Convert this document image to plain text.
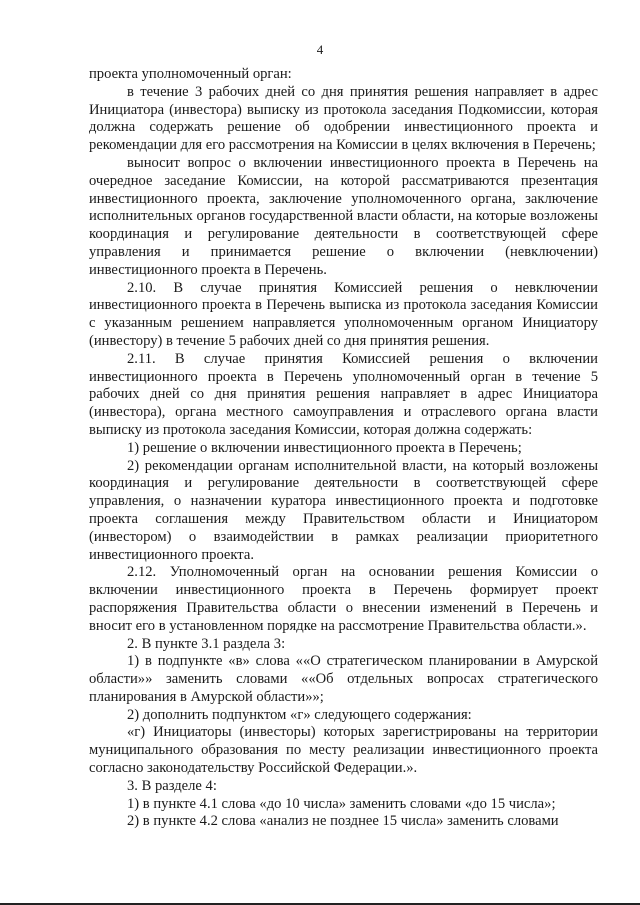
4

проекта уполномоченный орган:

в течение 3 рабочих дней со дня принятия решения направляет в адрес Инициатора (инвестора) выписку из протокола заседания Подкомиссии, которая должна содержать решение об одобрении инвестиционного проекта и рекомендации для его рассмотрения на Комиссии в целях включения в Перечень;

выносит вопрос о включении инвестиционного проекта в Перечень на очередное заседание Комиссии, на которой рассматриваются презентация инвестиционного проекта, заключение уполномоченного органа, заключение исполнительных органов государственной власти области, на которые возложены координация и регулирование деятельности в соответствующей сфере управления и принимается решение о включении (невключении) инвестиционного проекта в Перечень.

2.10. В случае принятия Комиссией решения о невключении инвестиционного проекта в Перечень выписка из протокола заседания Комиссии с указанным решением направляется уполномоченным органом Инициатору (инвестору) в течение 5 рабочих дней со дня принятия решения.

2.11. В случае принятия Комиссией решения о включении инвестиционного проекта в Перечень уполномоченный орган в течение 5 рабочих дней со дня принятия решения направляет в адрес Инициатора (инвестора), органа местного самоуправления и отраслевого органа власти выписку из протокола заседания Комиссии, которая должна содержать:

1) решение о включении инвестиционного проекта в Перечень;

2) рекомендации органам исполнительной власти, на который возложены координация и регулирование деятельности в соответствующей сфере управления, о назначении куратора инвестиционного проекта и подготовке проекта соглашения между Правительством области и Инициатором (инвестором) о взаимодействии в рамках реализации приоритетного инвестиционного проекта.

2.12. Уполномоченный орган на основании решения Комиссии о включении инвестиционного проекта в Перечень формирует проект распоряжения Правительства области о внесении изменений в Перечень и вносит его в установленном порядке на рассмотрение Правительства области.».

2. В пункте 3.1 раздела 3:

1) в подпункте «в» слова ««О стратегическом планировании в Амурской области»» заменить словами ««Об отдельных вопросах стратегического планирования в Амурской области»»;

2) дополнить подпунктом «г» следующего содержания:

«г) Инициаторы (инвесторы) которых зарегистрированы на территории муниципального образования по месту реализации инвестиционного проекта согласно законодательству Российской Федерации.».

3. В разделе 4:

1) в пункте 4.1 слова «до 10 числа» заменить словами «до 15 числа»;

2) в пункте 4.2 слова «анализ не позднее 15 числа» заменить словами
